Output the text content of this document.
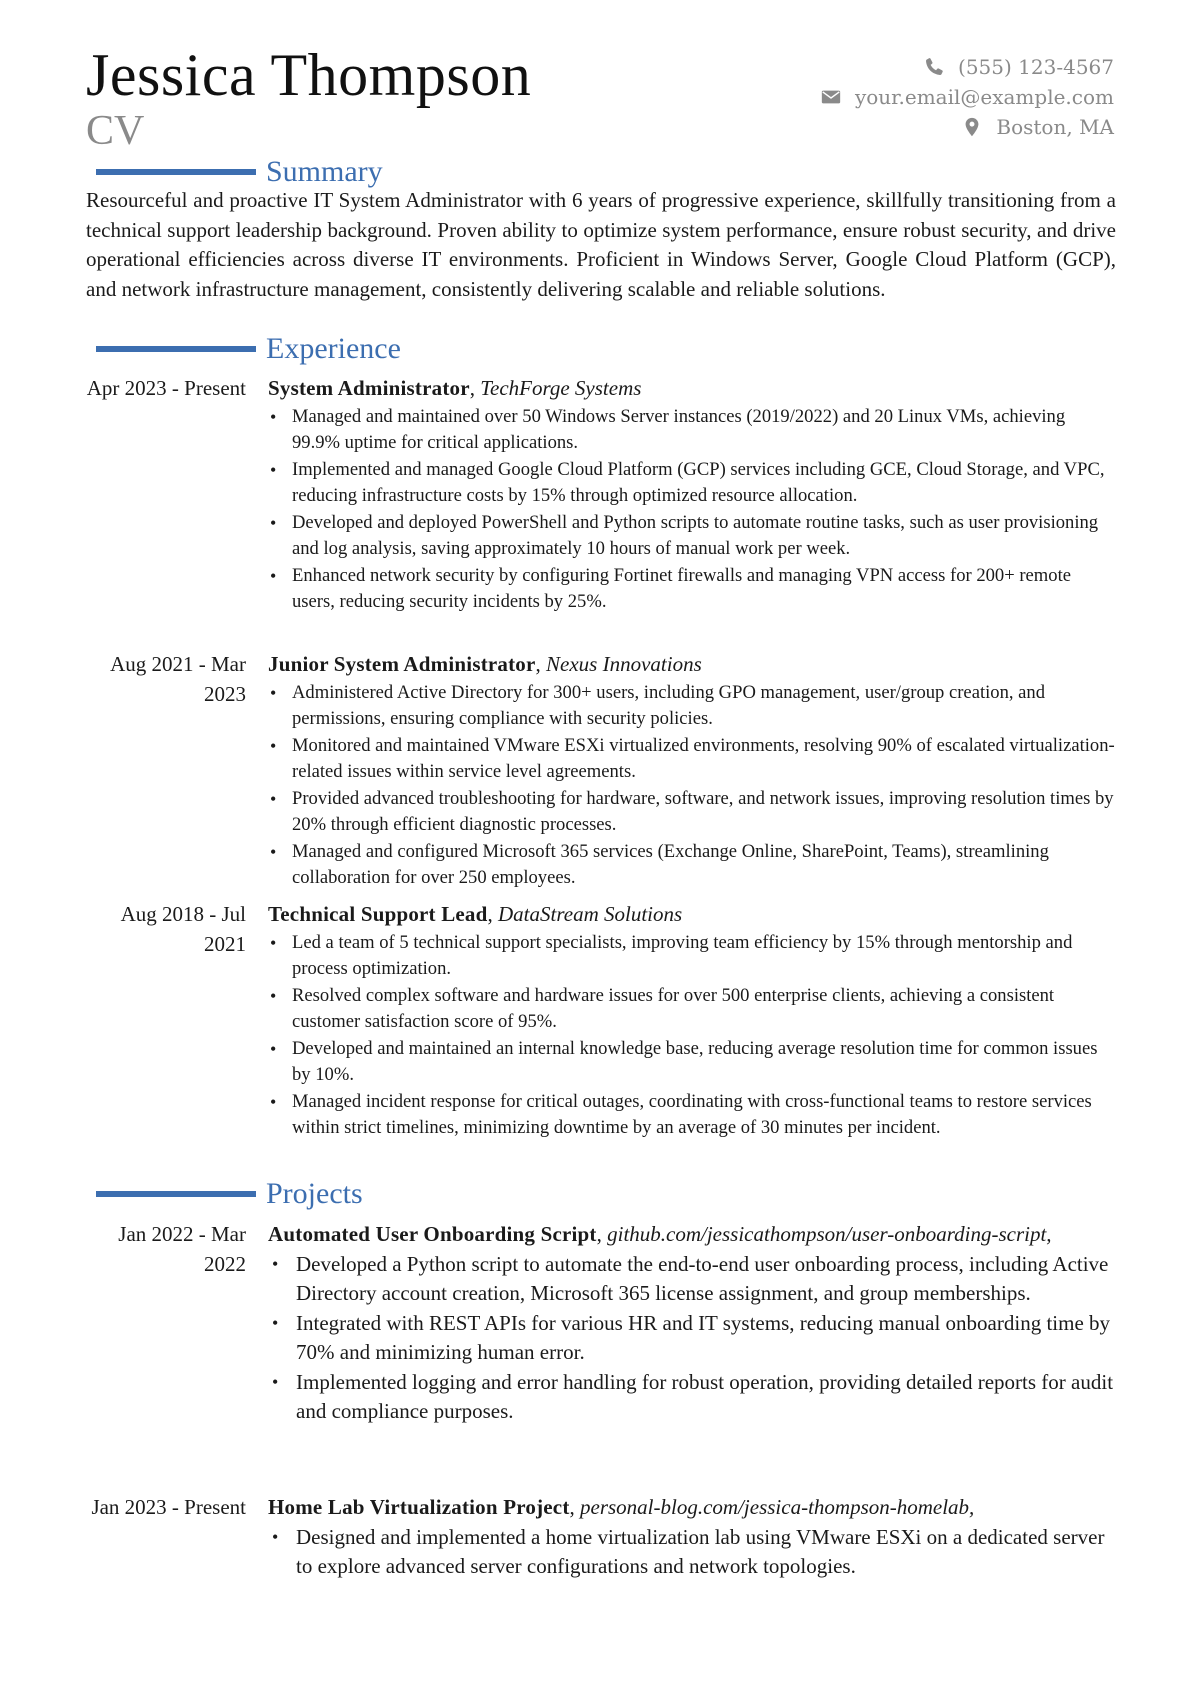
Jessica Thompson
CV
(555) 123-4567
your.email@example.com
Boston, MA
Summary
Resourceful and proactive IT System Administrator with 6 years of progressive experience, skillfully transitioning from a technical support leadership background. Proven ability to optimize system performance, ensure robust security, and drive operational efficiencies across diverse IT environments. Proficient in Windows Server, Google Cloud Platform (GCP), and network infrastructure management, consistently delivering scalable and reliable solutions.
Experience
Apr 2023 - Present System Administrator, TechForge Systems
• Managed and maintained over 50 Windows Server instances (2019/2022) and 20 Linux VMs, achieving 99.9% uptime for critical applications.
• Implemented and managed Google Cloud Platform (GCP) services including GCE, Cloud Storage, and VPC, reducing infrastructure costs by 15% through optimized resource allocation.
• Developed and deployed PowerShell and Python scripts to automate routine tasks, such as user provisioning and log analysis, saving approximately 10 hours of manual work per week.
• Enhanced network security by configuring Fortinet firewalls and managing VPN access for 200+ remote users, reducing security incidents by 25%.
Aug 2021 - Mar 2023
Junior System Administrator, Nexus Innovations
• Administered Active Directory for 300+ users, including GPO management, user/group creation, and permissions, ensuring compliance with security policies.
• Monitored and maintained VMware ESXi virtualized environments, resolving 90% of escalated virtualization-related issues within service level agreements.
• Provided advanced troubleshooting for hardware, software, and network issues, improving resolution times by 20% through efficient diagnostic processes.
• Managed and configured Microsoft 365 services (Exchange Online, SharePoint, Teams), streamlining collaboration for over 250 employees.
Aug 2018 - Jul 2021
Technical Support Lead, DataStream Solutions
• Led a team of 5 technical support specialists, improving team efficiency by 15% through mentorship and process optimization.
• Resolved complex software and hardware issues for over 500 enterprise clients, achieving a consistent customer satisfaction score of 95%.
• Developed and maintained an internal knowledge base, reducing average resolution time for common issues by 10%.
• Managed incident response for critical outages, coordinating with cross-functional teams to restore services within strict timelines, minimizing downtime by an average of 30 minutes per incident.
Projects
Jan 2022 - Mar 2022
Automated User Onboarding Script, github.com/jessicathompson/user-onboarding-script,
• Developed a Python script to automate the end-to-end user onboarding process, including Active Directory account creation, Microsoft 365 license assignment, and group memberships.
• Integrated with REST APIs for various HR and IT systems, reducing manual onboarding time by 70% and minimizing human error.
• Implemented logging and error handling for robust operation, providing detailed reports for audit and compliance purposes.
Jan 2023 - Present Home Lab Virtualization Project, personal-blog.com/jessica-thompson-homelab,
• Designed and implemented a home virtualization lab using VMware ESXi on a dedicated server to explore advanced server configurations and network topologies.
